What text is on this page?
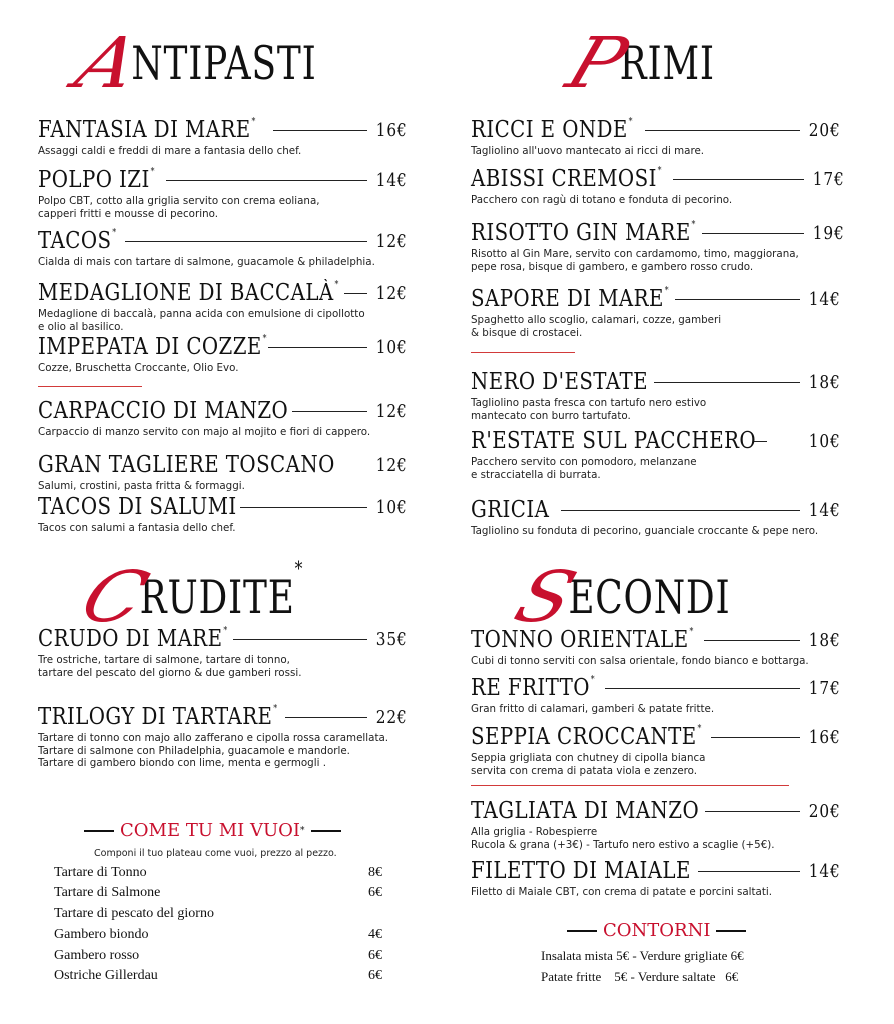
ANTIPASTI
FANTASIA DI MARE*	16€
Assaggi caldi e freddi di mare a fantasia dello chef.
POLPO IZI*	14€
Polpo CBT, cotto alla griglia servito con crema eoliana,
capperi fritti e mousse di pecorino.
TACOS*	12€
Cialda di mais con tartare di salmone, guacamole & philadelphia.
MEDAGLIONE DI BACCALÀ* 12€
Medaglione di baccalà, panna acida con emulsione di cipollotto
e olio al basilico.
IMPEPATA DI COZZE*	10€
Cozze, Bruschetta Croccante, Olio Evo.
CARPACCIO DI MANZO	12€
Carpaccio di manzo servito con majo al mojito e fiori di cappero.
GRAN TAGLIERE TOSCANO 12€
Salumi, crostini, pasta fritta & formaggi.
TACOS DI SALUMI	10€
Tacos con salumi a fantasia dello chef.
CRUDITE*
CRUDO DI MARE*	35€
Tre ostriche, tartare di salmone, tartare di tonno,
tartare del pescato del giorno & due gamberi rossi.
TRILOGY DI TARTARE*	22€
Tartare di tonno con majo allo zafferano e cipolla rossa caramellata.
Tartare di salmone con Philadelphia, guacamole e mandorle.
Tartare di gambero biondo con lime, menta e germogli .
COME TU MI VUOI *
Componi il tuo plateau come vuoi, prezzo al pezzo.
Tartare di Tonno	8€
Tartare di Salmone	6€
Tartare di pescato del giorno
Gambero biondo	4€
Gambero rosso	6€
Ostriche Gillerdau	6€
PRIMI
RICCI E ONDE*	20€
Tagliolino all'uovo mantecato ai ricci di mare.
ABISSI CREMOSI*	17€
Pacchero con ragù di totano e fonduta di pecorino.
RISOTTO GIN MARE*	19€
Risotto al Gin Mare, servito con cardamomo, timo, maggiorana,
pepe rosa, bisque di gambero, e gambero rosso crudo.
SAPORE DI MARE*	14€
Spaghetto allo scoglio, calamari, cozze, gamberi
& bisque di crostacei.
NERO D'ESTATE	18€
Tagliolino pasta fresca con tartufo nero estivo
mantecato con burro tartufato.
R'ESTATE SUL PACCHERO	10€
Pacchero servito con pomodoro, melanzane
e stracciatella di burrata.
GRICIA	14€
Tagliolino su fonduta di pecorino, guanciale croccante & pepe nero.
SECONDI
TONNO ORIENTALE*	18€
Cubi di tonno serviti con salsa orientale, fondo bianco e bottarga.
RE FRITTO*	17€
Gran fritto di calamari, gamberi & patate fritte.
SEPPIA CROCCANTE*	16€
Seppia grigliata con chutney di cipolla bianca
servita con crema di patata viola e zenzero.
TAGLIATA DI MANZO	20€
Alla griglia - Robespierre
Rucola & grana (+3€) - Tartufo nero estivo a scaglie (+5€).
FILETTO DI MAIALE	14€
Filetto di Maiale CBT, con crema di patate e porcini saltati.
CONTORNI
Insalata mista 5€ - Verdure grigliate 6€
Patate fritte    5€ - Verdure saltate   6€
